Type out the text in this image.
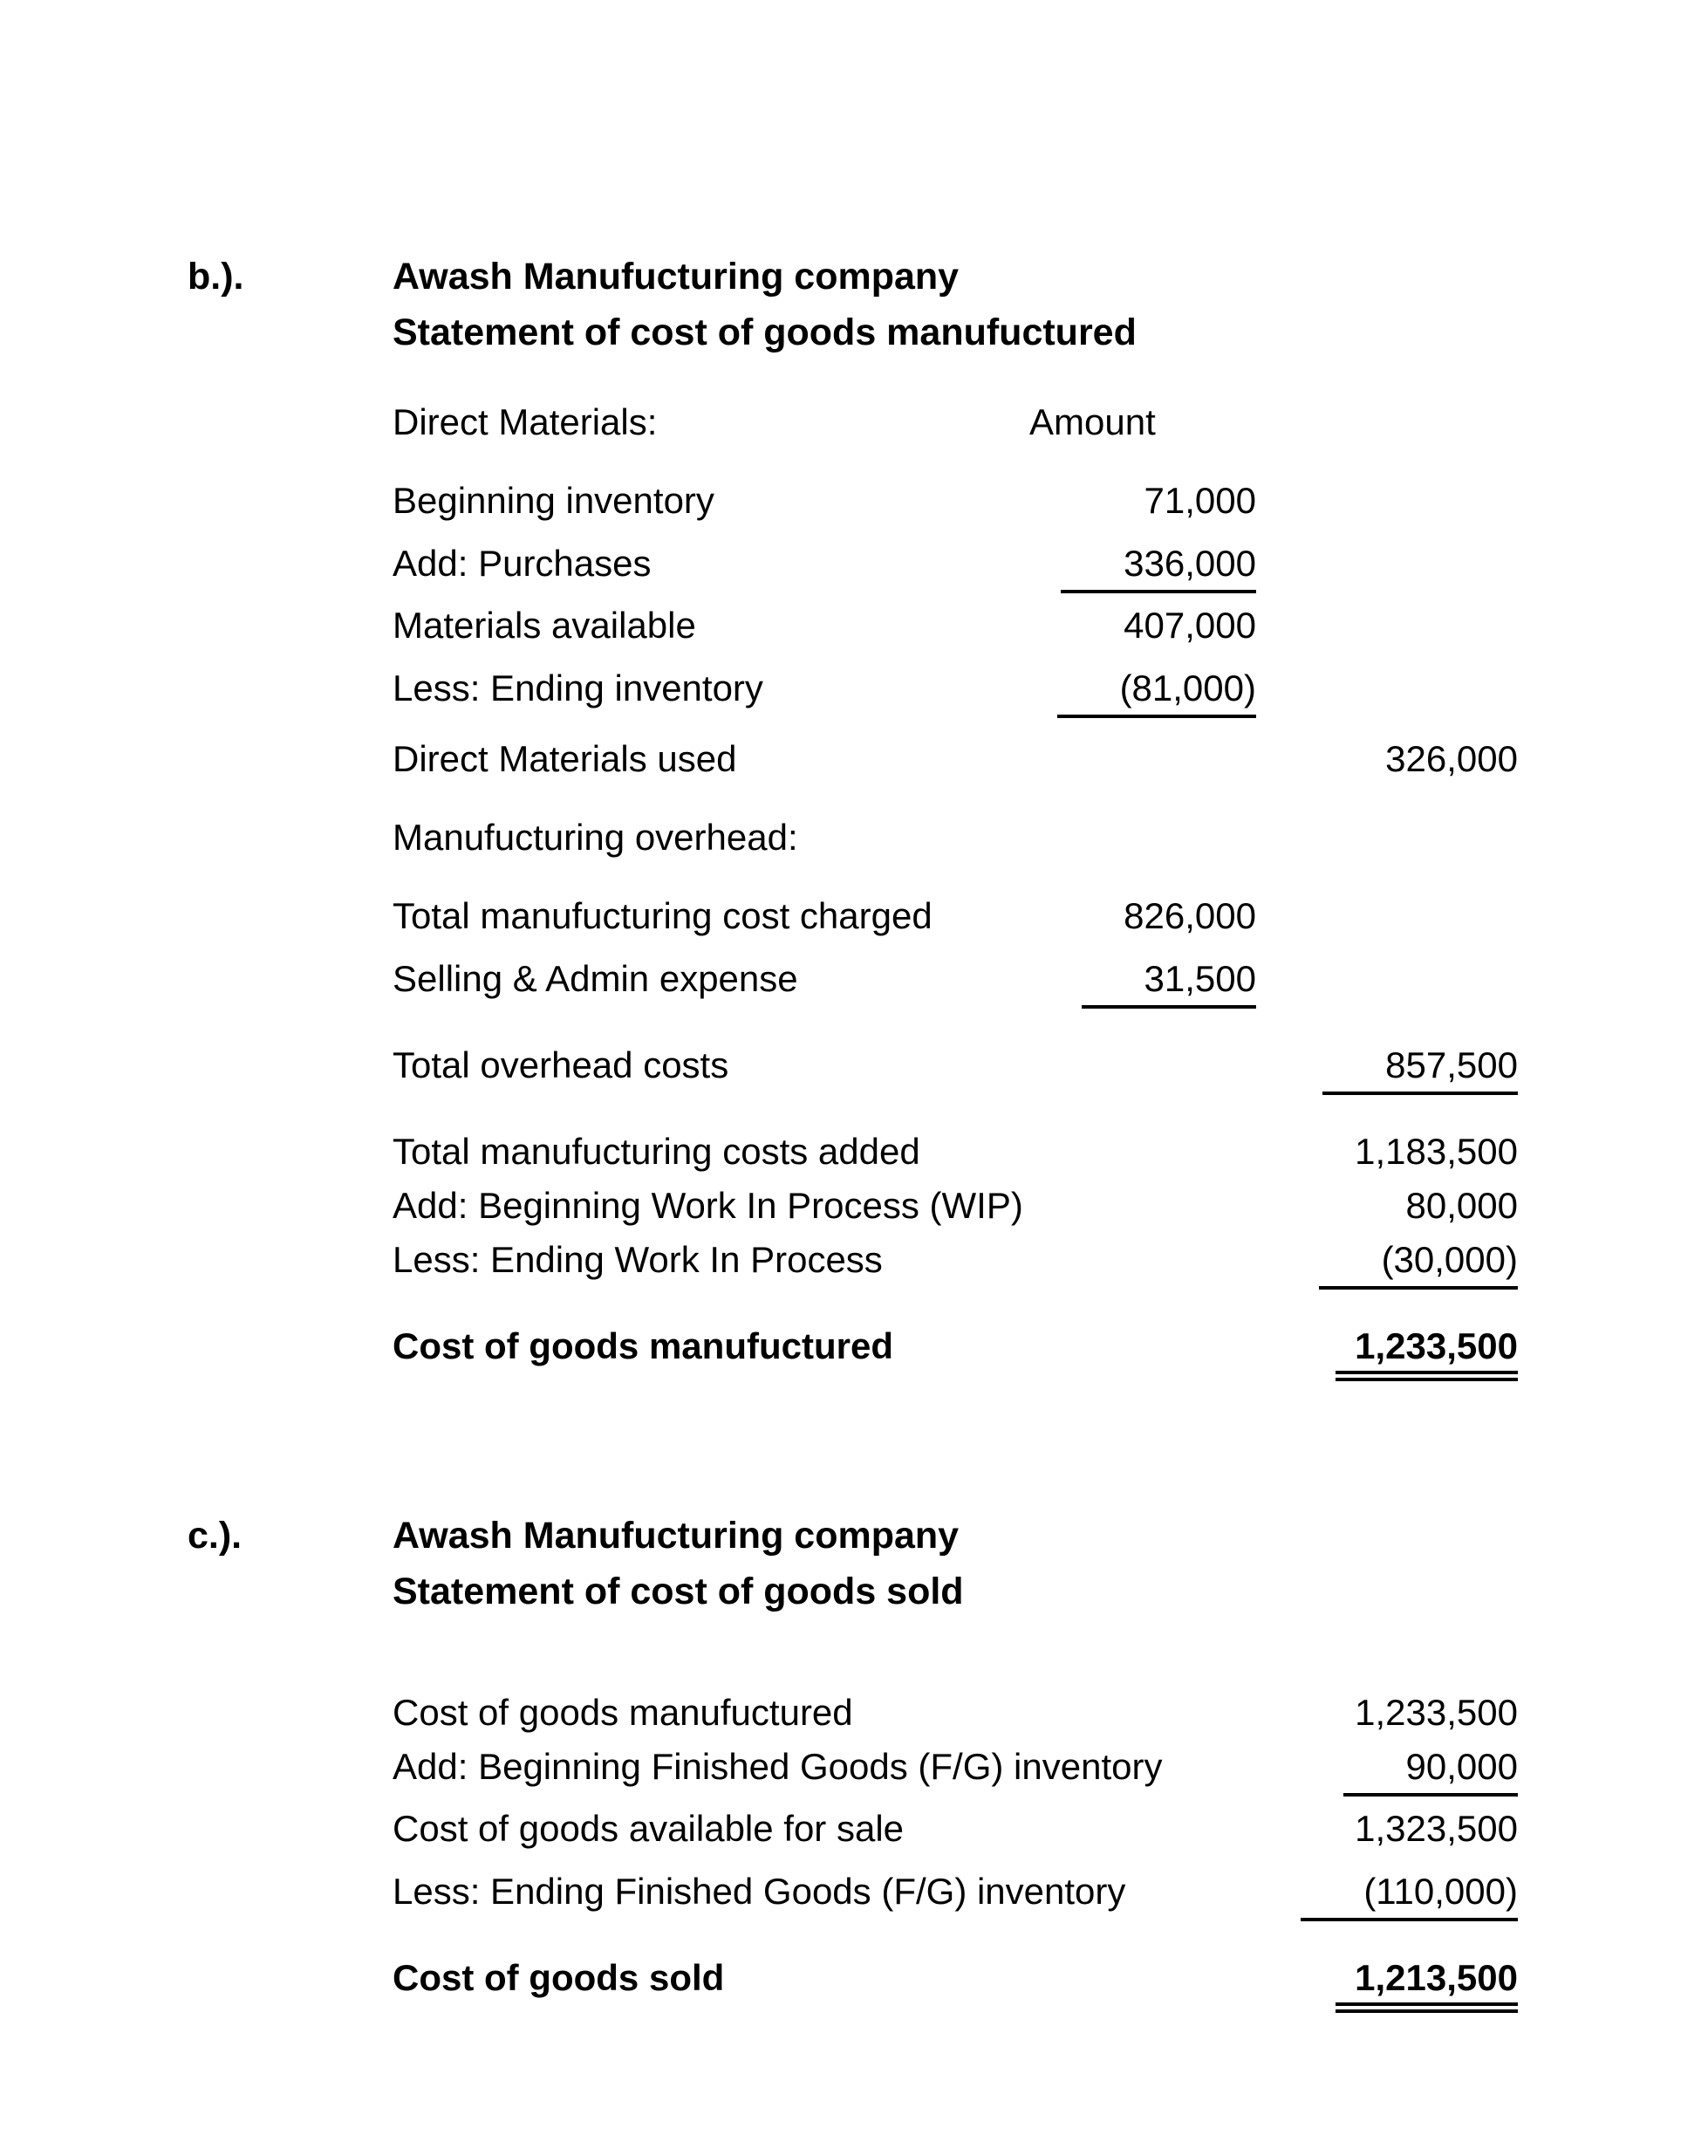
b.).	Awash Manufucturing company
Statement of cost of goods manufuctured
Direct Materials:	Amount
Beginning inventory	71,000
Add: Purchases	336,000
Materials available	407,000
Less: Ending inventory	(81,000)
Direct Materials used	326,000
Manufucturing overhead:
Total manufucturing cost charged	826,000
Selling & Admin expense	31,500
Total overhead costs	857,500
Total manufucturing costs added	1,183,500
Add: Beginning Work In Process (WIP)	80,000
Less: Ending Work In Process	(30,000)
Cost of goods manufuctured	1,233,500
c.).	Awash Manufucturing company
Statement of cost of goods sold
Cost of goods manufuctured	1,233,500
Add: Beginning Finished Goods (F/G) inventory	90,000
Cost of goods available for sale	1,323,500
Less: Ending Finished Goods (F/G) inventory	(110,000)
Cost of goods sold	1,213,500
